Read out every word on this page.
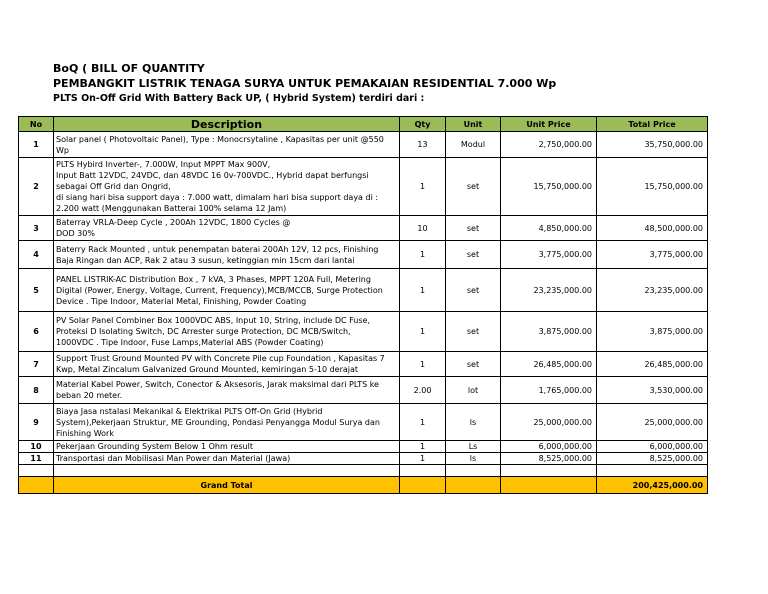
BoQ ( BILL OF QUANTITY
PEMBANGKIT LISTRIK TENAGA SURYA UNTUK PEMAKAIAN RESIDENTIAL 7.000 Wp
PLTS On-Off Grid With Battery Back UP, ( Hybrid System) terdiri dari :
No	Description	Qty	Unit	Unit Price	Total Price
1	Solar panel ( Photovoltaic Panel), Type : Monocrsytaline , Kapasitas per unit @550
Wp	13	Modul	2,750,000.00	35,750,000.00
2	PLTS Hybird Inverter-, 7.000W, Input MPPT Max 900V,
Input Batt 12VDC, 24VDC, dan 48VDC 16 0v-700VDC., Hybrid dapat berfungsi
sebagai Off Grid dan Ongrid,
di siang hari bisa support daya : 7.000 watt, dimalam hari bisa support daya di :
2.200 watt (Menggunakan Batterai 100% selama 12 Jam)	1	set	15,750,000.00	15,750,000.00
3	Baterray VRLA-Deep Cycle , 200Ah 12VDC, 1800 Cycles @
DOD 30%	10	set	4,850,000.00	48,500,000.00
4	Baterry Rack Mounted , untuk penempatan baterai 200Ah 12V, 12 pcs, Finishing
Baja Ringan dan ACP, Rak 2 atau 3 susun, ketinggian min 15cm dari lantai	1	set	3,775,000.00	3,775,000.00
5	PANEL LISTRIK-AC Distribution Box , 7 kVA, 3 Phases, MPPT 120A Full, Metering
Digital (Power, Energy, Voltage, Current, Frequency),MCB/MCCB, Surge Protection
Device . Tipe Indoor, Material Metal, Finishing, Powder Coating	1	set	23,235,000.00	23,235,000.00
6	PV Solar Panel Combiner Box 1000VDC ABS, Input 10, String, include DC Fuse,
Proteksi D Isolating Switch, DC Arrester surge Protection, DC MCB/Switch,
1000VDC . Tipe Indoor, Fuse Lamps,Material ABS (Powder Coating)	1	set	3,875,000.00	3,875,000.00
7	Support Trust Ground Mounted PV with Concrete Pile cup Foundation , Kapasitas 7
Kwp, Metal Zincalum Galvanized Ground Mounted, kemiringan 5-10 derajat	1	set	26,485,000.00	26,485,000.00
8	Material Kabel Power, Switch, Conector & Aksesoris, Jarak maksimal dari PLTS ke
beban 20 meter.	2.00	lot	1,765,000.00	3,530,000.00
9	Biaya Jasa nstalasi Mekanikal & Elektrikal PLTS Off-On Grid (Hybrid
System),Pekerjaan Struktur, ME Grounding, Pondasi Penyangga Modul Surya dan
Finishing Work	1	ls	25,000,000.00	25,000,000.00
10	Pekerjaan Grounding System Below 1 Ohm result	1	Ls	6,000,000.00	6,000,000.00
11	Transportasi dan Mobilisasi Man Power dan Material (Jawa)	1	ls	8,525,000.00	8,525,000.00

	Grand Total				200,425,000.00
